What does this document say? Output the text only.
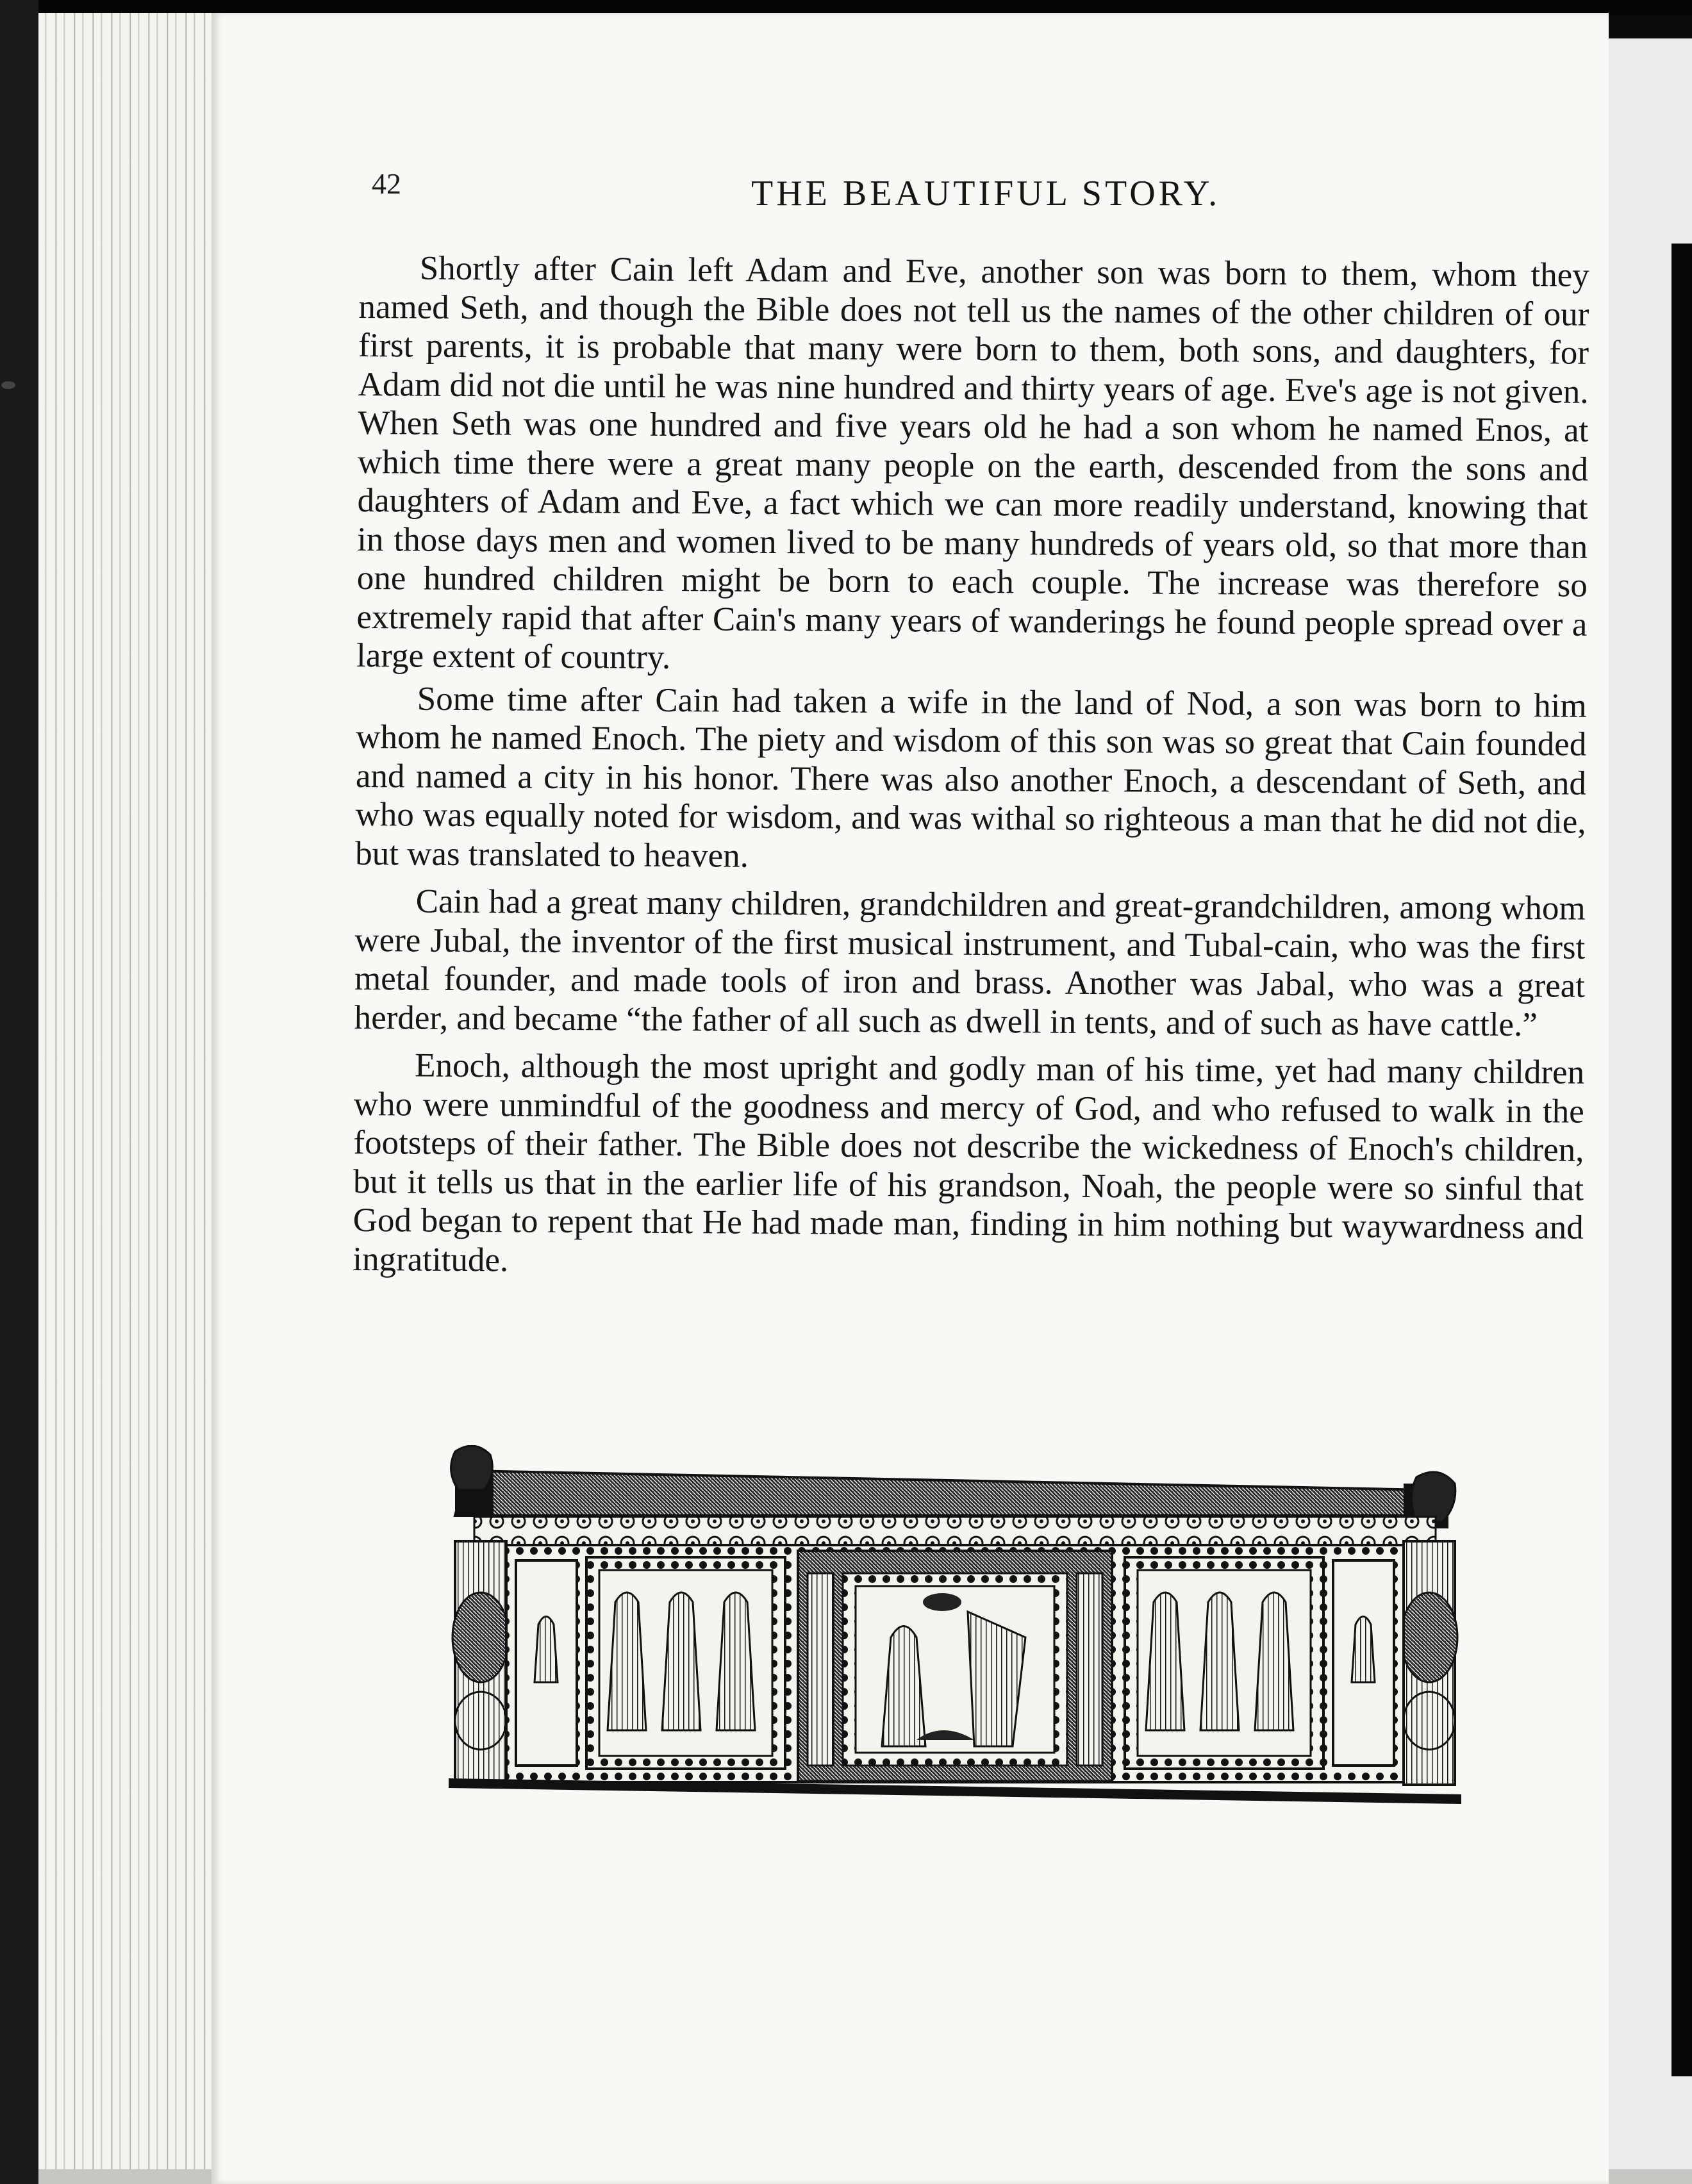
42	THE BEAUTIFUL STORY.

Shortly after Cain left Adam and Eve, another son was born to them, whom they named Seth, and though the Bible does not tell us the names of the other children of our first parents, it is probable that many were born to them, both sons, and daughters, for Adam did not die until he was nine hundred and thirty years of age. Eve's age is not given. When Seth was one hundred and five years old he had a son whom he named Enos, at which time there were a great many people on the earth, descended from the sons and daughters of Adam and Eve, a fact which we can more readily understand, knowing that in those days men and women lived to be many hundreds of years old, so that more than one hundred children might be born to each couple. The increase was therefore so extremely rapid that after Cain's many years of wanderings he found people spread over a large extent of country.

Some time after Cain had taken a wife in the land of Nod, a son was born to him whom he named Enoch. The piety and wisdom of this son was so great that Cain founded and named a city in his honor. There was also another Enoch, a descendant of Seth, and who was equally noted for wisdom, and was withal so righteous a man that he did not die, but was translated to heaven.

Cain had a great many children, grandchildren and great-grandchildren, among whom were Jubal, the inventor of the first musical instrument, and Tubal-cain, who was the first metal founder, and made tools of iron and brass. Another was Jabal, who was a great herder, and became “the father of all such as dwell in tents, and of such as have cattle.”

Enoch, although the most upright and godly man of his time, yet had many children who were unmindful of the goodness and mercy of God, and who refused to walk in the footsteps of their father. The Bible does not describe the wickedness of Enoch's children, but it tells us that in the earlier life of his grandson, Noah, the people were so sinful that God began to repent that He had made man, finding in him nothing but waywardness and ingratitude.
